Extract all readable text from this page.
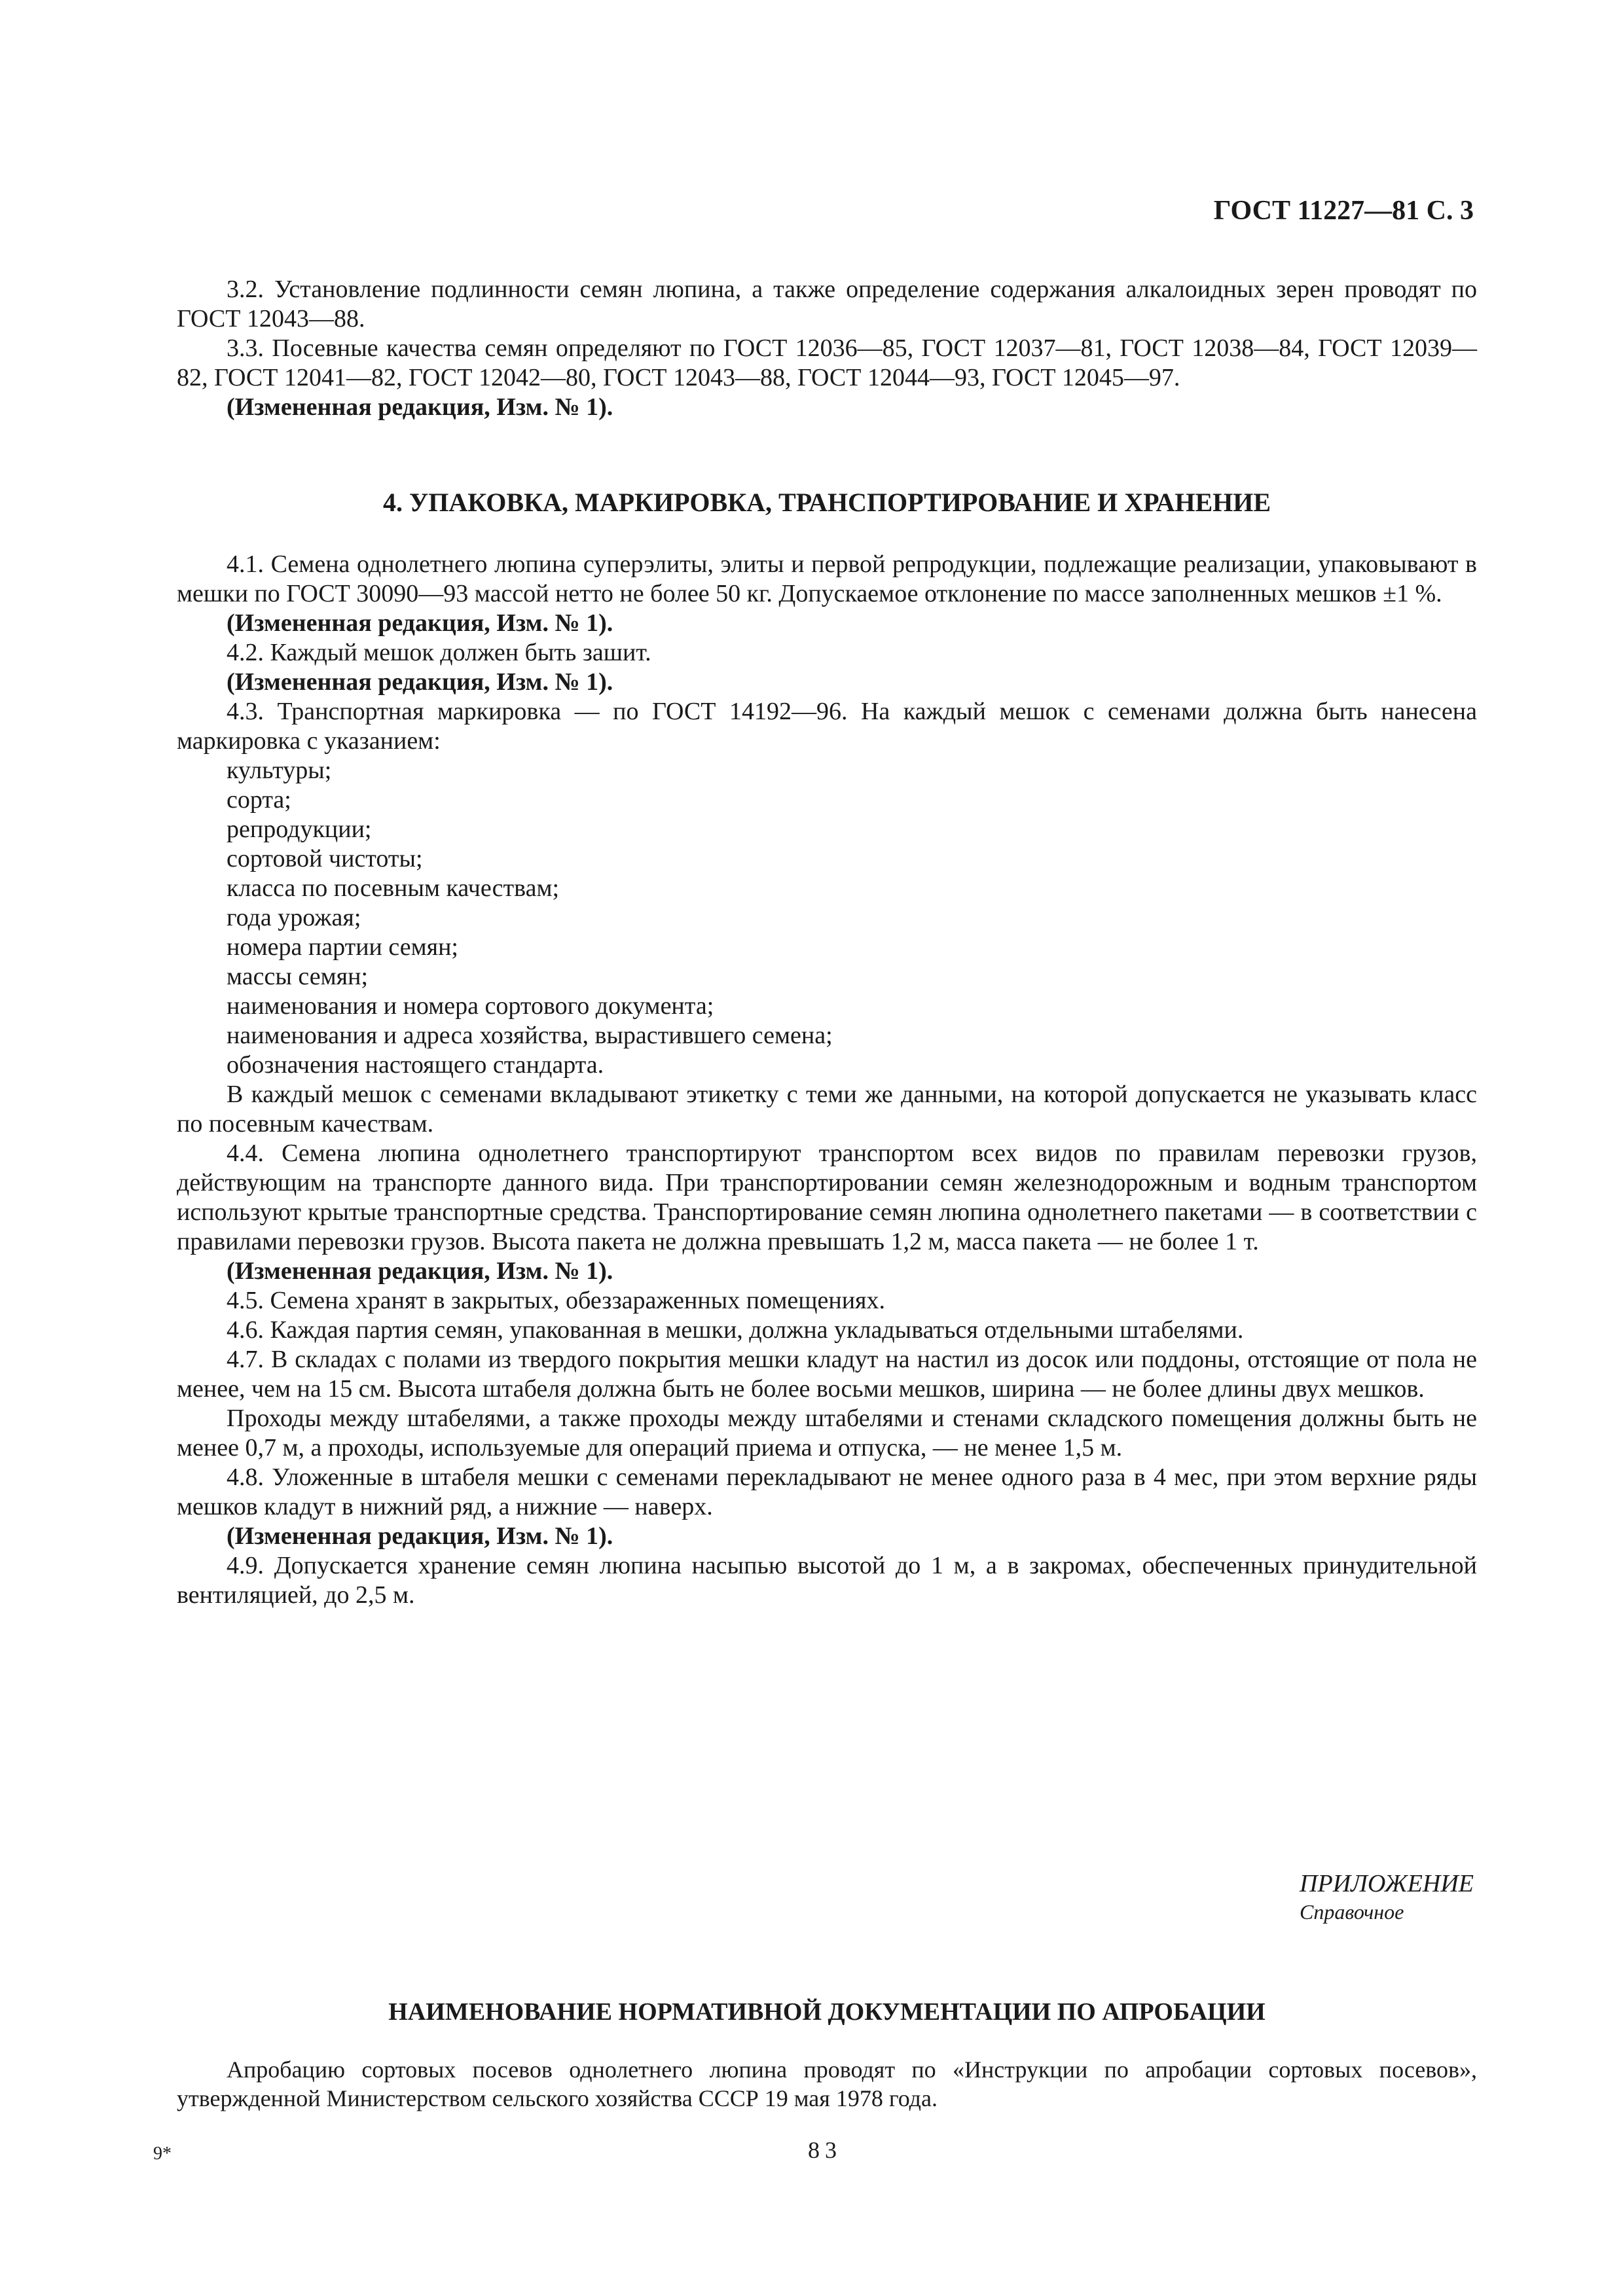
ГОСТ 11227—81 С. 3

3.2. Установление подлинности семян люпина, а также определение содержания алкалоидных зерен проводят по ГОСТ 12043—88.

3.3. Посевные качества семян определяют по ГОСТ 12036—85, ГОСТ 12037—81, ГОСТ 12038—84, ГОСТ 12039—82, ГОСТ 12041—82, ГОСТ 12042—80, ГОСТ 12043—88, ГОСТ 12044—93, ГОСТ 12045—97.

(Измененная редакция, Изм. № 1).

4. УПАКОВКА, МАРКИРОВКА, ТРАНСПОРТИРОВАНИЕ И ХРАНЕНИЕ

4.1. Семена однолетнего люпина суперэлиты, элиты и первой репродукции, подлежащие реализации, упаковывают в мешки по ГОСТ 30090—93 массой нетто не более 50 кг. Допускаемое отклонение по массе заполненных мешков ±1 %.

(Измененная редакция, Изм. № 1).

4.2. Каждый мешок должен быть зашит.

(Измененная редакция, Изм. № 1).

4.3. Транспортная маркировка — по ГОСТ 14192—96. На каждый мешок с семенами должна быть нанесена маркировка с указанием:

культуры;

сорта;

репродукции;

сортовой чистоты;

класса по посевным качествам;

года урожая;

номера партии семян;

массы семян;

наименования и номера сортового документа;

наименования и адреса хозяйства, вырастившего семена;

обозначения настоящего стандарта.

В каждый мешок с семенами вкладывают этикетку с теми же данными, на которой допускается не указывать класс по посевным качествам.

4.4. Семена люпина однолетнего транспортируют транспортом всех видов по правилам перевозки грузов, действующим на транспорте данного вида. При транспортировании семян железнодорожным и водным транспортом используют крытые транспортные средства. Транспортирование семян люпина однолетнего пакетами — в соответствии с правилами перевозки грузов. Высота пакета не должна превышать 1,2 м, масса пакета — не более 1 т.

(Измененная редакция, Изм. № 1).

4.5. Семена хранят в закрытых, обеззараженных помещениях.

4.6. Каждая партия семян, упакованная в мешки, должна укладываться отдельными штабелями.

4.7. В складах с полами из твердого покрытия мешки кладут на настил из досок или поддоны, отстоящие от пола не менее, чем на 15 см. Высота штабеля должна быть не более восьми мешков, ширина — не более длины двух мешков.

Проходы между штабелями, а также проходы между штабелями и стенами складского помещения должны быть не менее 0,7 м, а проходы, используемые для операций приема и отпуска, — не менее 1,5 м.

4.8. Уложенные в штабеля мешки с семенами перекладывают не менее одного раза в 4 мес, при этом верхние ряды мешков кладут в нижний ряд, а нижние — наверх.

(Измененная редакция, Изм. № 1).

4.9. Допускается хранение семян люпина насыпью высотой до 1 м, а в закромах, обеспеченных принудительной вентиляцией, до 2,5 м.

ПРИЛОЖЕНИЕ
Справочное

НАИМЕНОВАНИЕ НОРМАТИВНОЙ ДОКУМЕНТАЦИИ ПО АПРОБАЦИИ

Апробацию сортовых посевов однолетнего люпина проводят по «Инструкции по апробации сортовых посевов», утвержденной Министерством сельского хозяйства СССР 19 мая 1978 года.

9*	83
